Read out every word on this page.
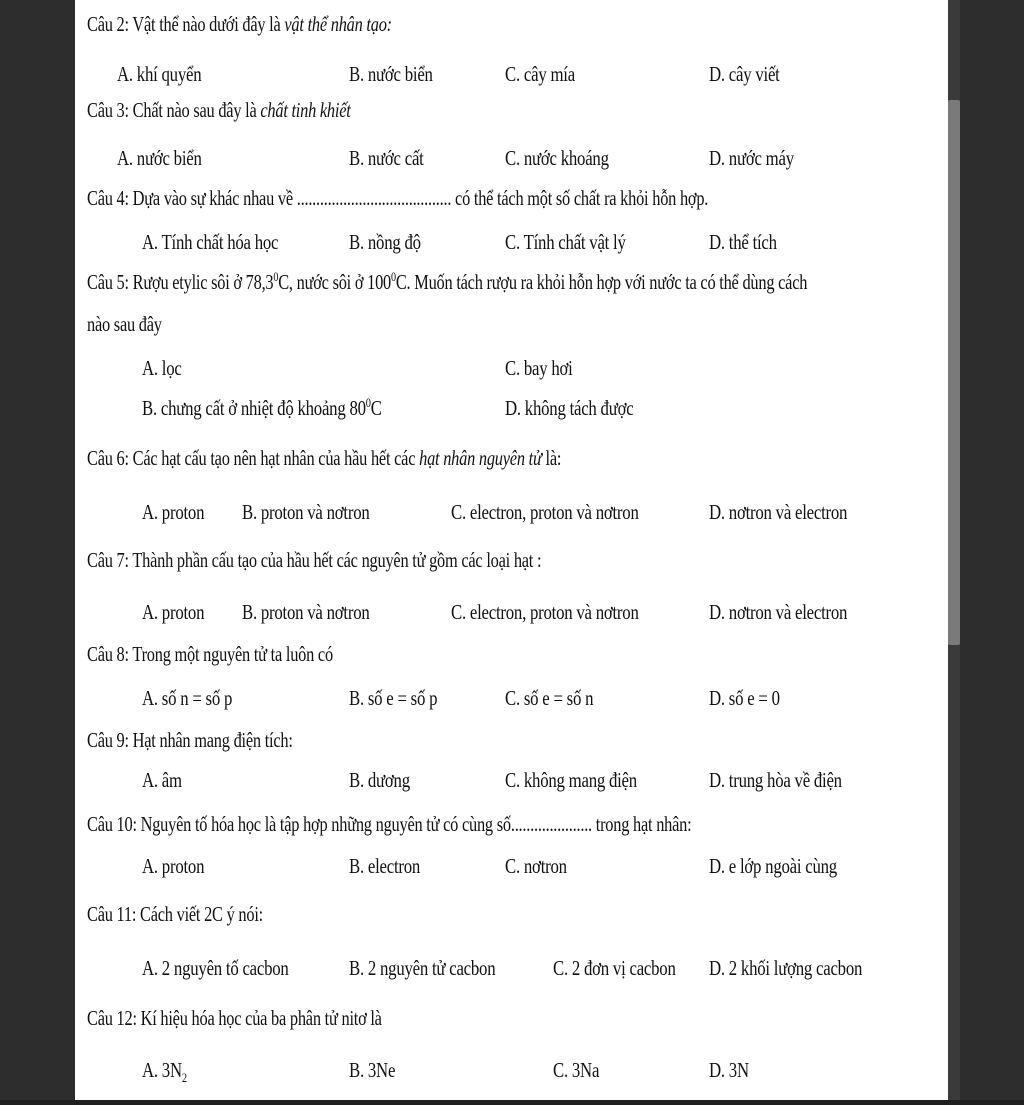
Câu 2: Vật thể nào dưới đây là vật thể nhân tạo:
A. khí quyển	B. nước biển	C. cây mía	D. cây viết
Câu 3: Chất nào sau đây là chất tinh khiết
A. nước biển	B. nước cất	C. nước khoáng	D. nước máy
Câu 4: Dựa vào sự khác nhau về ........................................ có thể tách một số chất ra khỏi hỗn hợp.
A. Tính chất hóa học	B. nồng độ	C. Tính chất vật lý	D. thể tích
Câu 5: Rượu etylic sôi ở 78,3$^0$C, nước sôi ở $100^0C$. Muốn tách rượu ra khỏi hỗn hợp với nước ta có thể dùng cách
nào sau đây
A. lọc	C. bay hơi
B. chưng cất ở nhiệt độ khoảng $80^0C$	D. không tách được
Câu 6: Các hạt cấu tạo nên hạt nhân của hầu hết các hạt nhân nguyên tử là:
A. proton B. proton và nơtron	C. electron, proton và nơtron	D. nơtron và electron
Câu 7: Thành phần cấu tạo của hầu hết các nguyên tử gồm các loại hạt :
A. proton B. proton và nơtron	C. electron, proton và nơtron	D. nơtron và electron
Câu 8: Trong một nguyên tử ta luôn có
A. số n = số p	B. số e = số p	C. số e = số n	D. số e = 0
Câu 9: Hạt nhân mang điện tích:
A. âm	B. dương	C. không mang điện	D. trung hòa về điện
Câu 10: Nguyên tố hóa học là tập hợp những nguyên tử có cùng số..................... trong hạt nhân:
A. proton	B. electron	C. nơtron	D. e lớp ngoài cùng
Câu 11: Cách viết 2C ý nói:
A. 2 nguyên tố cacbon	B. 2 nguyên tử cacbon	C. 2 đơn vị cacbon D. 2 khối lượng cacbon
Câu 12: Kí hiệu hóa học của ba phân tử nitơ là
A. $3N_2$	B. 3Ne	C. 3Na	D. 3N
